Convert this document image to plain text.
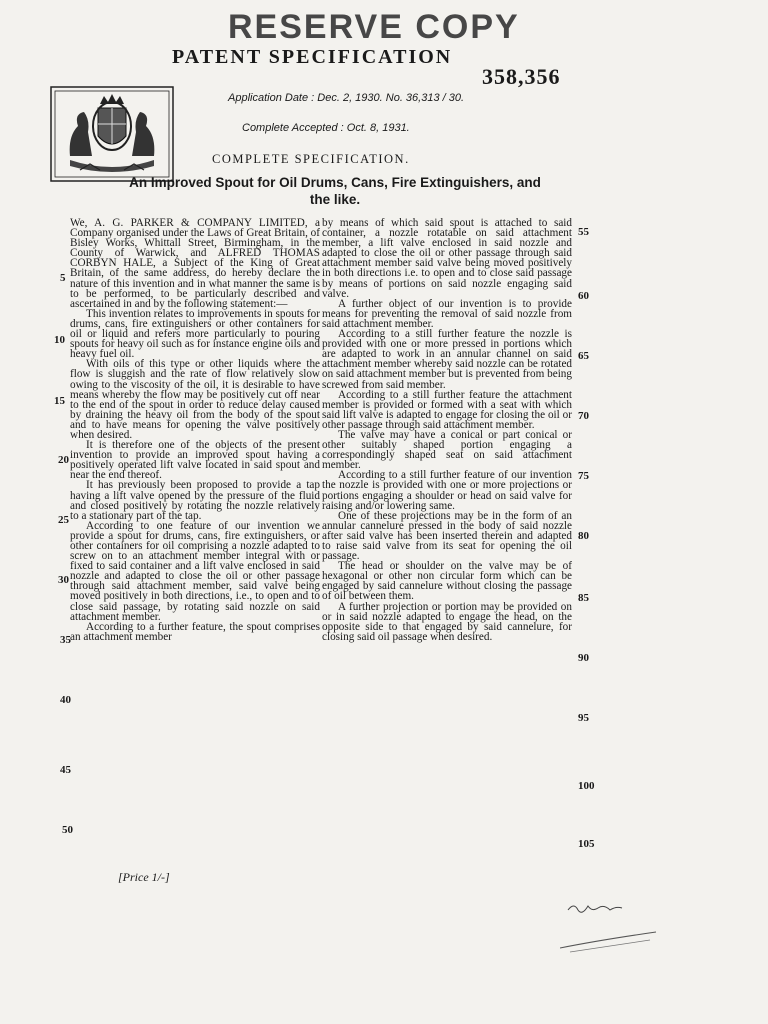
RESERVE COPY
PATENT SPECIFICATION
358,356
Application Date : Dec. 2, 1930. No. 36,313 / 30.
Complete Accepted : Oct. 8, 1931.
COMPLETE SPECIFICATION.
An Improved Spout for Oil Drums, Cans, Fire Extinguishers, and the like.

We, A. G. PARKER & COMPANY LIMITED, a Company organised under the Laws of Great Britain, of Bisley Works, Whittall Street, Birmingham, in the County of Warwick, and ALFRED THOMAS CORBYN HALE, a Subject of the King of Great Britain, of the same address, do hereby declare the nature of this invention and in what manner the same is to be performed, to be particularly described and ascertained in and by the following statement:—

This invention relates to improvements in spouts for drums, cans, fire extinguishers or other containers for oil or liquid and refers more particularly to pouring spouts for heavy oil such as for instance engine oils and heavy fuel oil.

With oils of this type or other liquids where the flow is sluggish and the rate of flow relatively slow owing to the viscosity of the oil, it is desirable to have means whereby the flow may be positively cut off near to the end of the spout in order to reduce delay caused by draining the heavy oil from the body of the spout and to have means for opening the valve positively when desired.

It is therefore one of the objects of the present invention to provide an improved spout having a positively operated lift valve located in said spout and near the end thereof.

It has previously been proposed to provide a tap having a lift valve opened by the pressure of the fluid and closed positively by rotating the nozzle relatively to a stationary part of the tap.

According to one feature of our invention we provide a spout for drums, cans, fire extinguishers, or other containers for oil comprising a nozzle adapted to screw on to an attachment member integral with or fixed to said container and a lift valve enclosed in said nozzle and adapted to close the oil or other passage through said attachment member, said valve being moved positively in both directions, i.e., to open and to close said passage, by rotating said nozzle on said attachment member.

According to a further feature, the spout comprises an attachment member

by means of which said spout is attached to said container, a nozzle rotatable on said attachment member, a lift valve enclosed in said nozzle and adapted to close the oil or other passage through said attachment member said valve being moved positively in both directions i.e. to open and to close said passage by means of portions on said nozzle engaging said valve.

A further object of our invention is to provide means for preventing the removal of said nozzle from said attachment member.

According to a still further feature the nozzle is provided with one or more pressed in portions which are adapted to work in an annular channel on said attachment member whereby said nozzle can be rotated on said attachment member but is prevented from being screwed from said member.

According to a still further feature the attachment member is provided or formed with a seat with which said lift valve is adapted to engage for closing the oil or other passage through said attachment member.

The valve may have a conical or part conical or other suitably shaped portion engaging a correspondingly shaped seat on said attachment member.

According to a still further feature of our invention the nozzle is provided with one or more projections or portions engaging a shoulder or head on said valve for raising and/or lowering same.

One of these projections may be in the form of an annular cannelure pressed in the body of said nozzle after said valve has been inserted therein and adapted to raise said valve from its seat for opening the oil passage.

The head or shoulder on the valve may be of hexagonal or other non circular form which can be engaged by said cannelure without closing the passage of oil between them.

A further projection or portion may be provided on or in said nozzle adapted to engage the head, on the opposite side to that engaged by said cannelure, for closing said oil passage when desired.

5
10
15
20
25
30
35
40
45
50
55
60
65
70
75
80
85
90
95
100
105
[Price 1/-]
